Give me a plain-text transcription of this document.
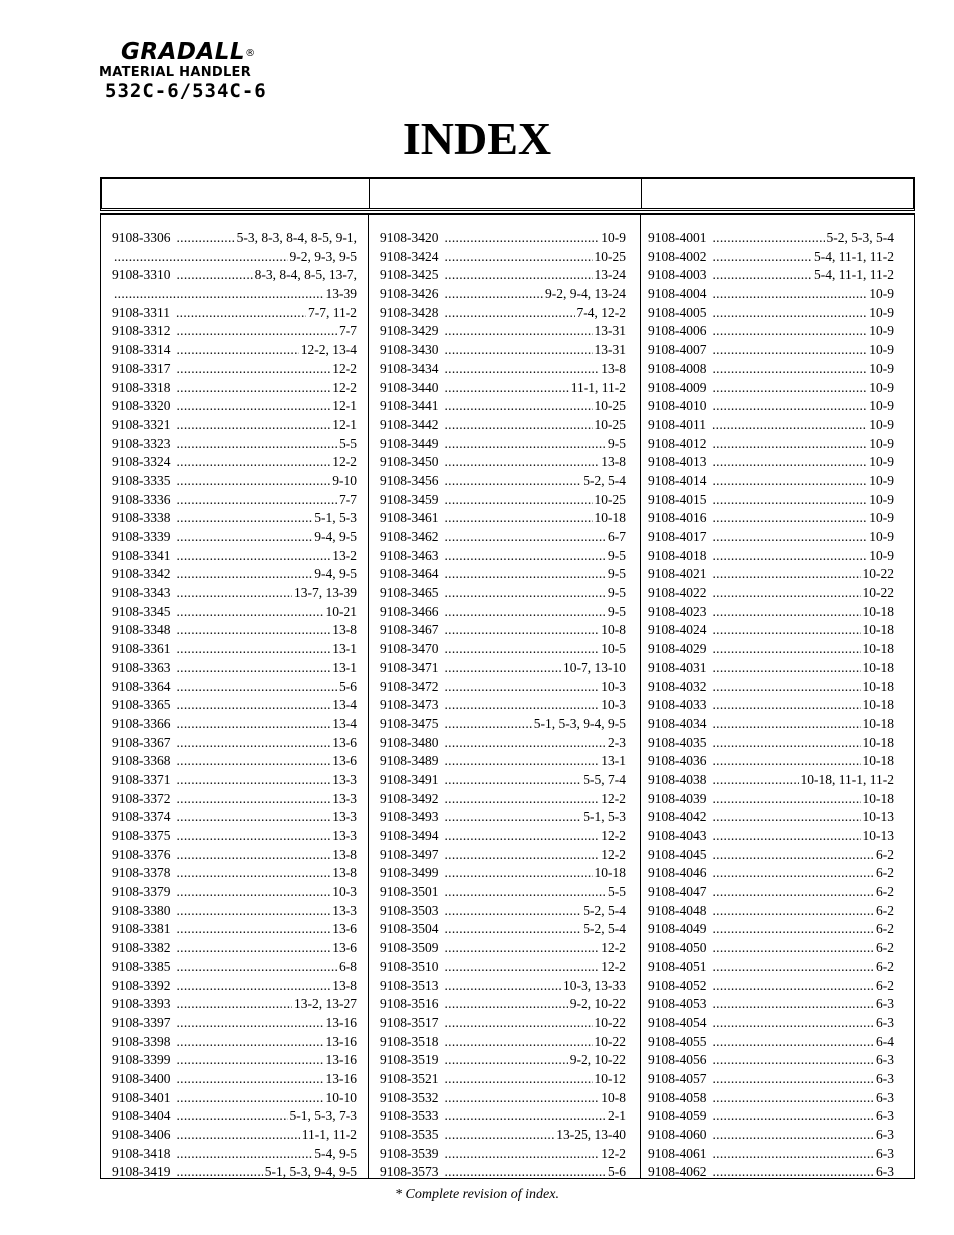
GRADALL®
MATERIAL HANDLER
532C-6/534C-6
INDEX
9108-3306 .....	5-3, 8-3, 8-4, 8-5, 9-1,
.....
9-2, 9-3, 9-5
9108-3310 .....	8-3, 8-4, 8-5, 13-7,
.....
13-39
9108-3311 .....	7-7, 11-2
9108-3312 .....	7-7
9108-3314 .....	12-2, 13-4
9108-3317 .....	12-2
9108-3318 .....	12-2
9108-3320 .....	12-1
9108-3321 .....	12-1
9108-3323 .....	5-5
9108-3324 .....	12-2
9108-3335 .....	9-10
9108-3336 .....	7-7
9108-3338 .....	5-1, 5-3
9108-3339 .....	9-4, 9-5
9108-3341 .....	13-2
9108-3342 .....	9-4, 9-5
9108-3343 .....	13-7, 13-39
9108-3345 .....	10-21
9108-3348 .....	13-8
9108-3361 .....	13-1
9108-3363 .....	13-1
9108-3364 .....	5-6
9108-3365 .....	13-4
9108-3366 .....	13-4
9108-3367 .....	13-6
9108-3368 .....	13-6
9108-3371 .....	13-3
9108-3372 .....	13-3
9108-3374 .....	13-3
9108-3375 .....	13-3
9108-3376 .....	13-8
9108-3378 .....	13-8
9108-3379 .....	10-3
9108-3380 .....	13-3
9108-3381 .....	13-6
9108-3382 .....	13-6
9108-3385 .....	6-8
9108-3392 .....	13-8
9108-3393 .....	13-2, 13-27
9108-3397 .....	13-16
9108-3398 .....	13-16
9108-3399 .....	13-16
9108-3400 .....	13-16
9108-3401 .....	10-10
9108-3404 .....	5-1, 5-3, 7-3
9108-3406 .....	11-1, 11-2
9108-3418 .....	5-4, 9-5
9108-3419 .....	5-1, 5-3, 9-4, 9-5
9108-3420 .....	10-9
9108-3424 .....	10-25
9108-3425 .....	13-24
9108-3426 .....	9-2, 9-4, 13-24
9108-3428 .....	7-4, 12-2
9108-3429 .....	13-31
9108-3430 .....	13-31
9108-3434 .....	13-8
9108-3440 .....	11-1, 11-2
9108-3441 .....	10-25
9108-3442 .....	10-25
9108-3449 .....	9-5
9108-3450 .....	13-8
9108-3456 .....	5-2, 5-4
9108-3459 .....	10-25
9108-3461 .....	10-18
9108-3462 .....	6-7
9108-3463 .....	9-5
9108-3464 .....	9-5
9108-3465 .....	9-5
9108-3466 .....	9-5
9108-3467 .....	10-8
9108-3470 .....	10-5
9108-3471 .....	10-7, 13-10
9108-3472 .....	10-3
9108-3473 .....	10-3
9108-3475 .....	5-1, 5-3, 9-4, 9-5
9108-3480 .....	2-3
9108-3489 .....	13-1
9108-3491 .....	5-5, 7-4
9108-3492 .....	12-2
9108-3493 .....	5-1, 5-3
9108-3494 .....	12-2
9108-3497 .....	12-2
9108-3499 .....	10-18
9108-3501 .....	5-5
9108-3503 .....	5-2, 5-4
9108-3504 .....	5-2, 5-4
9108-3509 .....	12-2
9108-3510 .....	12-2
9108-3513 .....	10-3, 13-33
9108-3516 .....	9-2, 10-22
9108-3517 .....	10-22
9108-3518 .....	10-22
9108-3519 .....	9-2, 10-22
9108-3521 .....	10-12
9108-3532 .....	10-8
9108-3533 .....	2-1
9108-3535 .....	13-25, 13-40
9108-3539 .....	12-2
9108-3573 .....	5-6
9108-4001 .....	5-2, 5-3, 5-4
9108-4002 .....	5-4, 11-1, 11-2
9108-4003 .....	5-4, 11-1, 11-2
9108-4004 .....	10-9
9108-4005 .....	10-9
9108-4006 .....	10-9
9108-4007 .....	10-9
9108-4008 .....	10-9
9108-4009 .....	10-9
9108-4010 .....	10-9
9108-4011 .....	10-9
9108-4012 .....	10-9
9108-4013 .....	10-9
9108-4014 .....	10-9
9108-4015 .....	10-9
9108-4016 .....	10-9
9108-4017 .....	10-9
9108-4018 .....	10-9
9108-4021 .....	10-22
9108-4022 .....	10-22
9108-4023 .....	10-18
9108-4024 .....	10-18
9108-4029 .....	10-18
9108-4031 .....	10-18
9108-4032 .....	10-18
9108-4033 .....	10-18
9108-4034 .....	10-18
9108-4035 .....	10-18
9108-4036 .....	10-18
9108-4038 .....	10-18, 11-1, 11-2
9108-4039 .....	10-18
9108-4042 .....	10-13
9108-4043 .....	10-13
9108-4045 .....	6-2
9108-4046 .....	6-2
9108-4047 .....	6-2
9108-4048 .....	6-2
9108-4049 .....	6-2
9108-4050 .....	6-2
9108-4051 .....	6-2
9108-4052 .....	6-2
9108-4053 .....	6-3
9108-4054 .....	6-3
9108-4055 .....	6-4
9108-4056 .....	6-3
9108-4057 .....	6-3
9108-4058 .....	6-3
9108-4059 .....	6-3
9108-4060 .....	6-3
9108-4061 .....	6-3
9108-4062 .....	6-3
* Complete revision of index.
